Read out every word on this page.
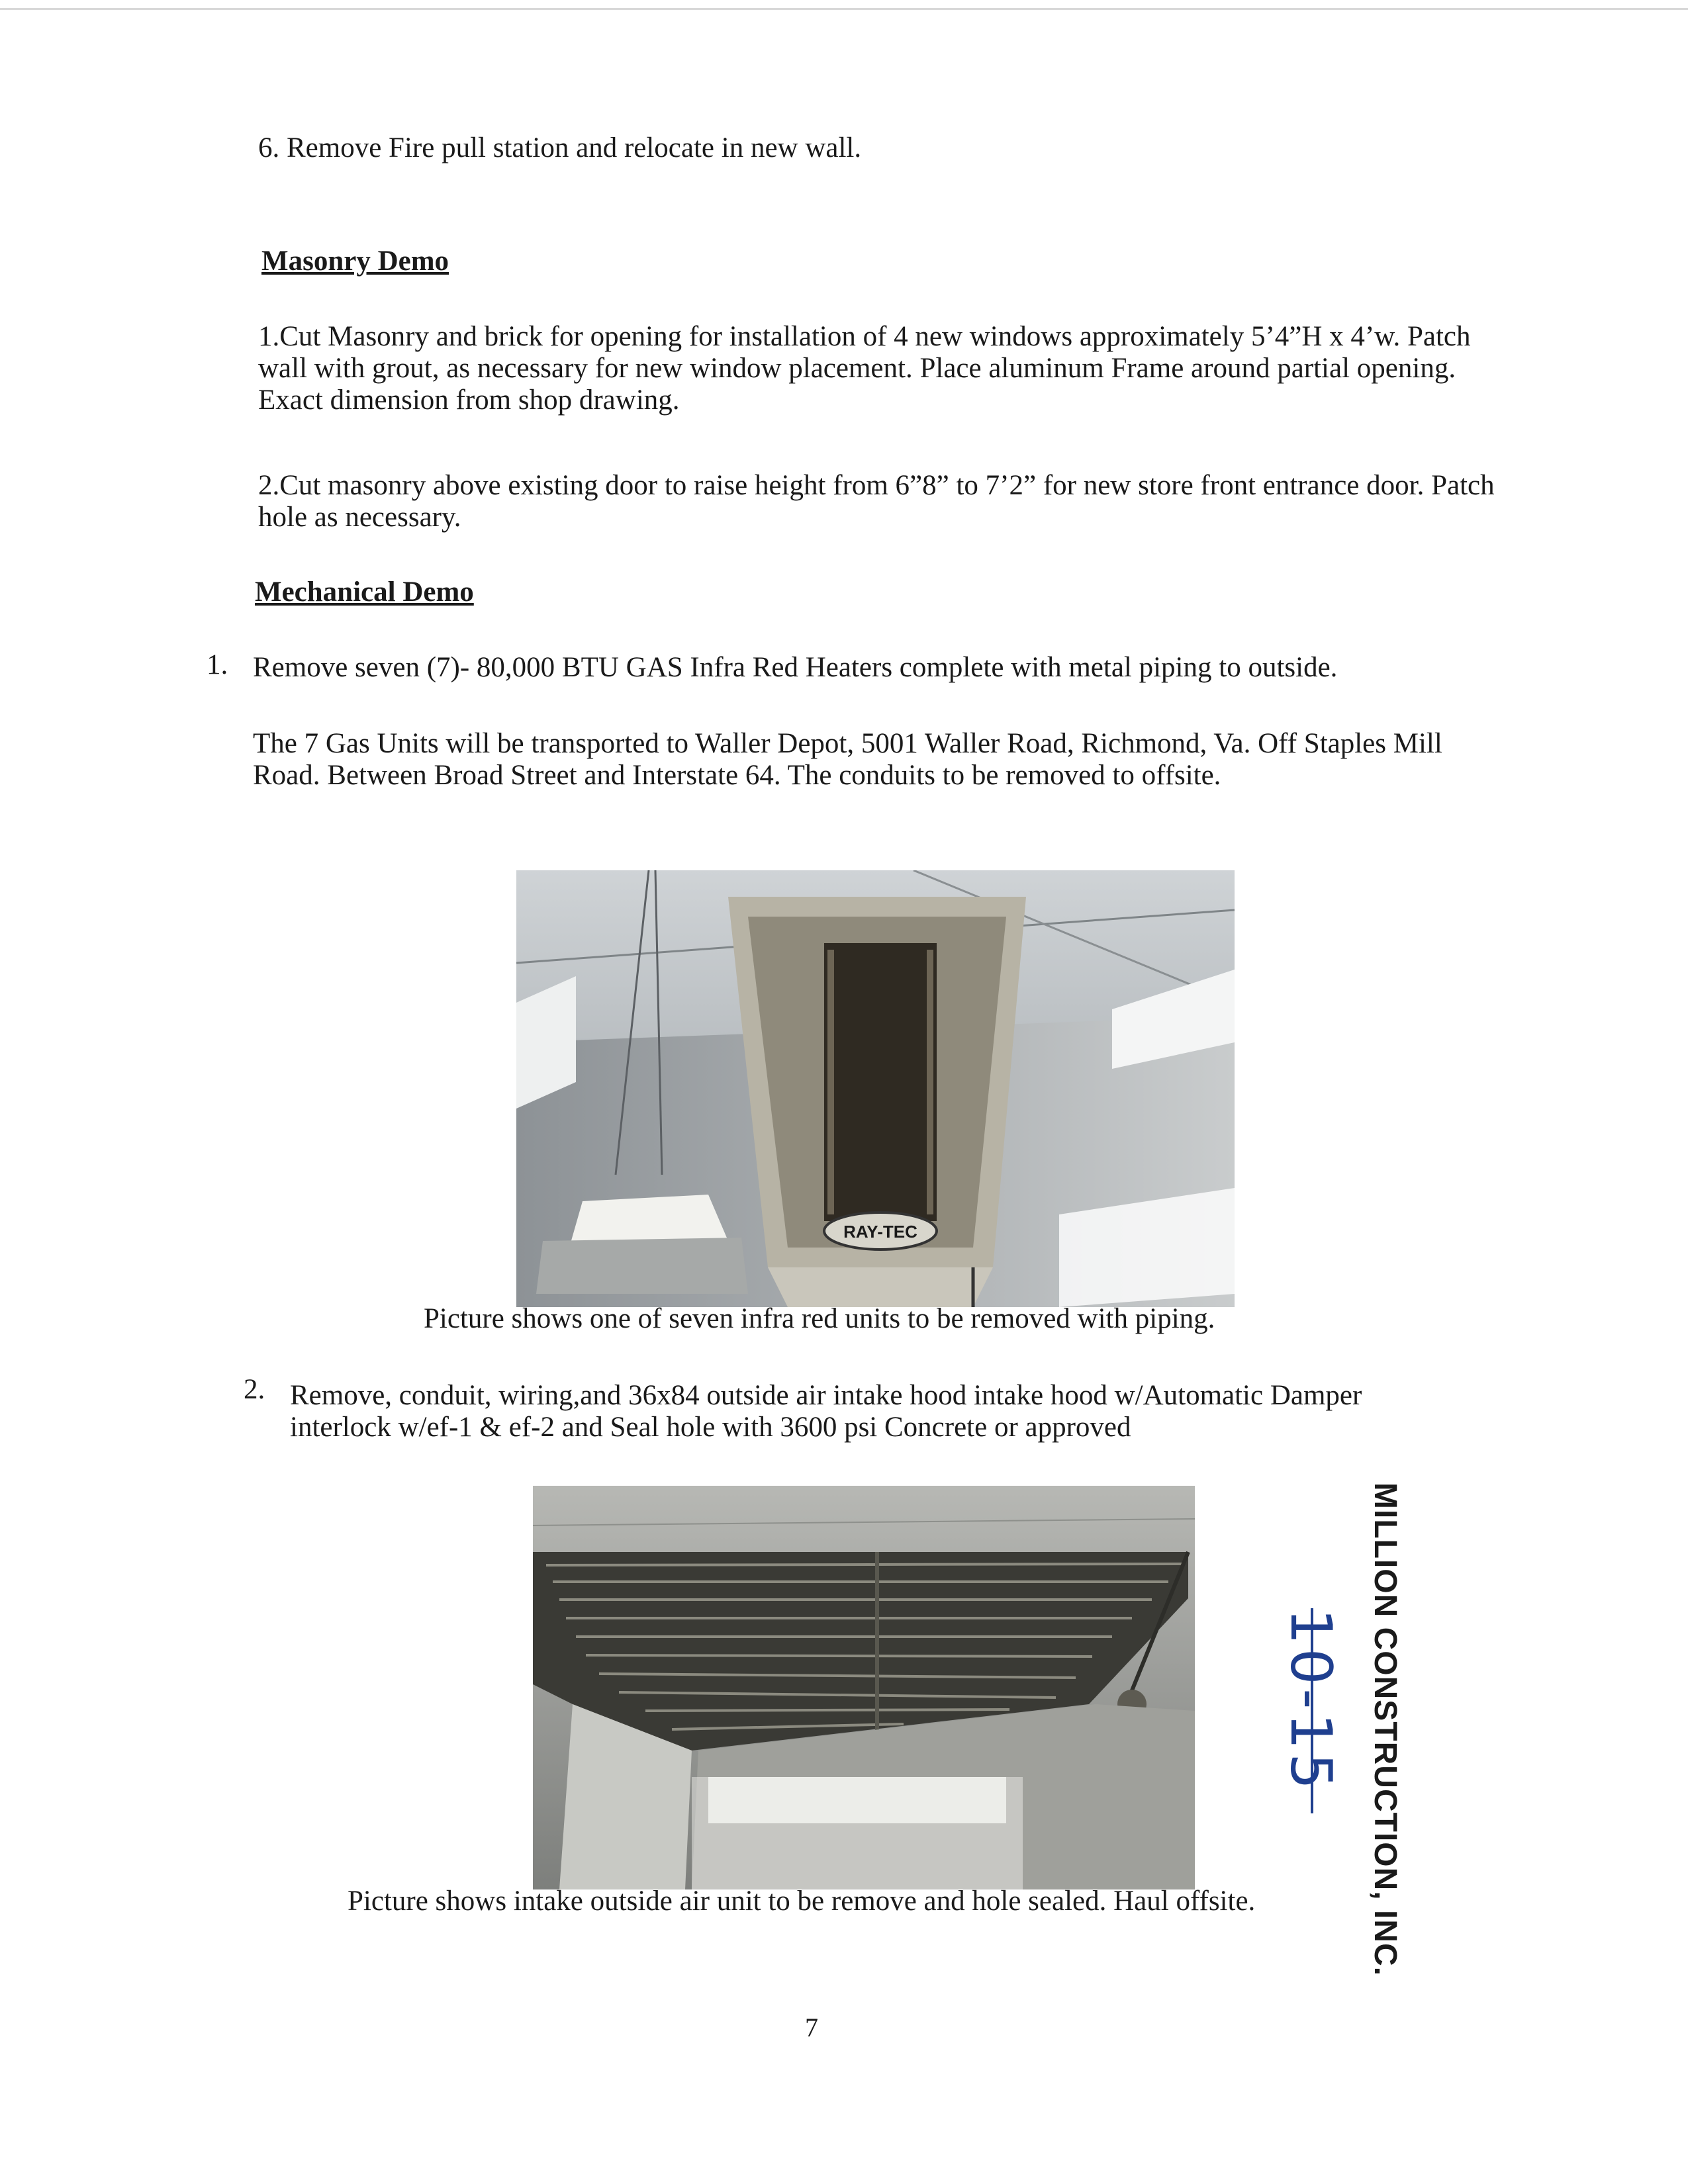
6. Remove Fire pull station and relocate in new wall.

Masonry Demo

1.Cut Masonry and brick for opening for installation of 4 new windows approximately 5’4”H x 4’w. Patch wall with grout, as necessary for new window placement. Place aluminum Frame around partial opening. Exact dimension from shop drawing.

2.Cut masonry above existing door to raise height from 6”8” to 7’2” for new store front entrance door. Patch hole as necessary.

Mechanical Demo

1. Remove seven (7)- 80,000 BTU GAS Infra Red Heaters complete with metal piping to outside.

The 7 Gas Units will be transported to Waller Depot, 5001 Waller Road, Richmond, Va. Off Staples Mill Road. Between Broad Street and Interstate 64. The conduits to be removed to offsite.

RAY-TEC

Picture shows one of seven infra red units to be removed with piping.

2. Remove, conduit, wiring,and 36x84 outside air intake hood intake hood w/Automatic Damper interlock w/ef-1 & ef-2 and Seal hole with 3600 psi Concrete or approved

Picture shows intake outside air unit to be remove and hole sealed. Haul offsite.	MILLION CONSTRUCTION, INC.
10-15
7
